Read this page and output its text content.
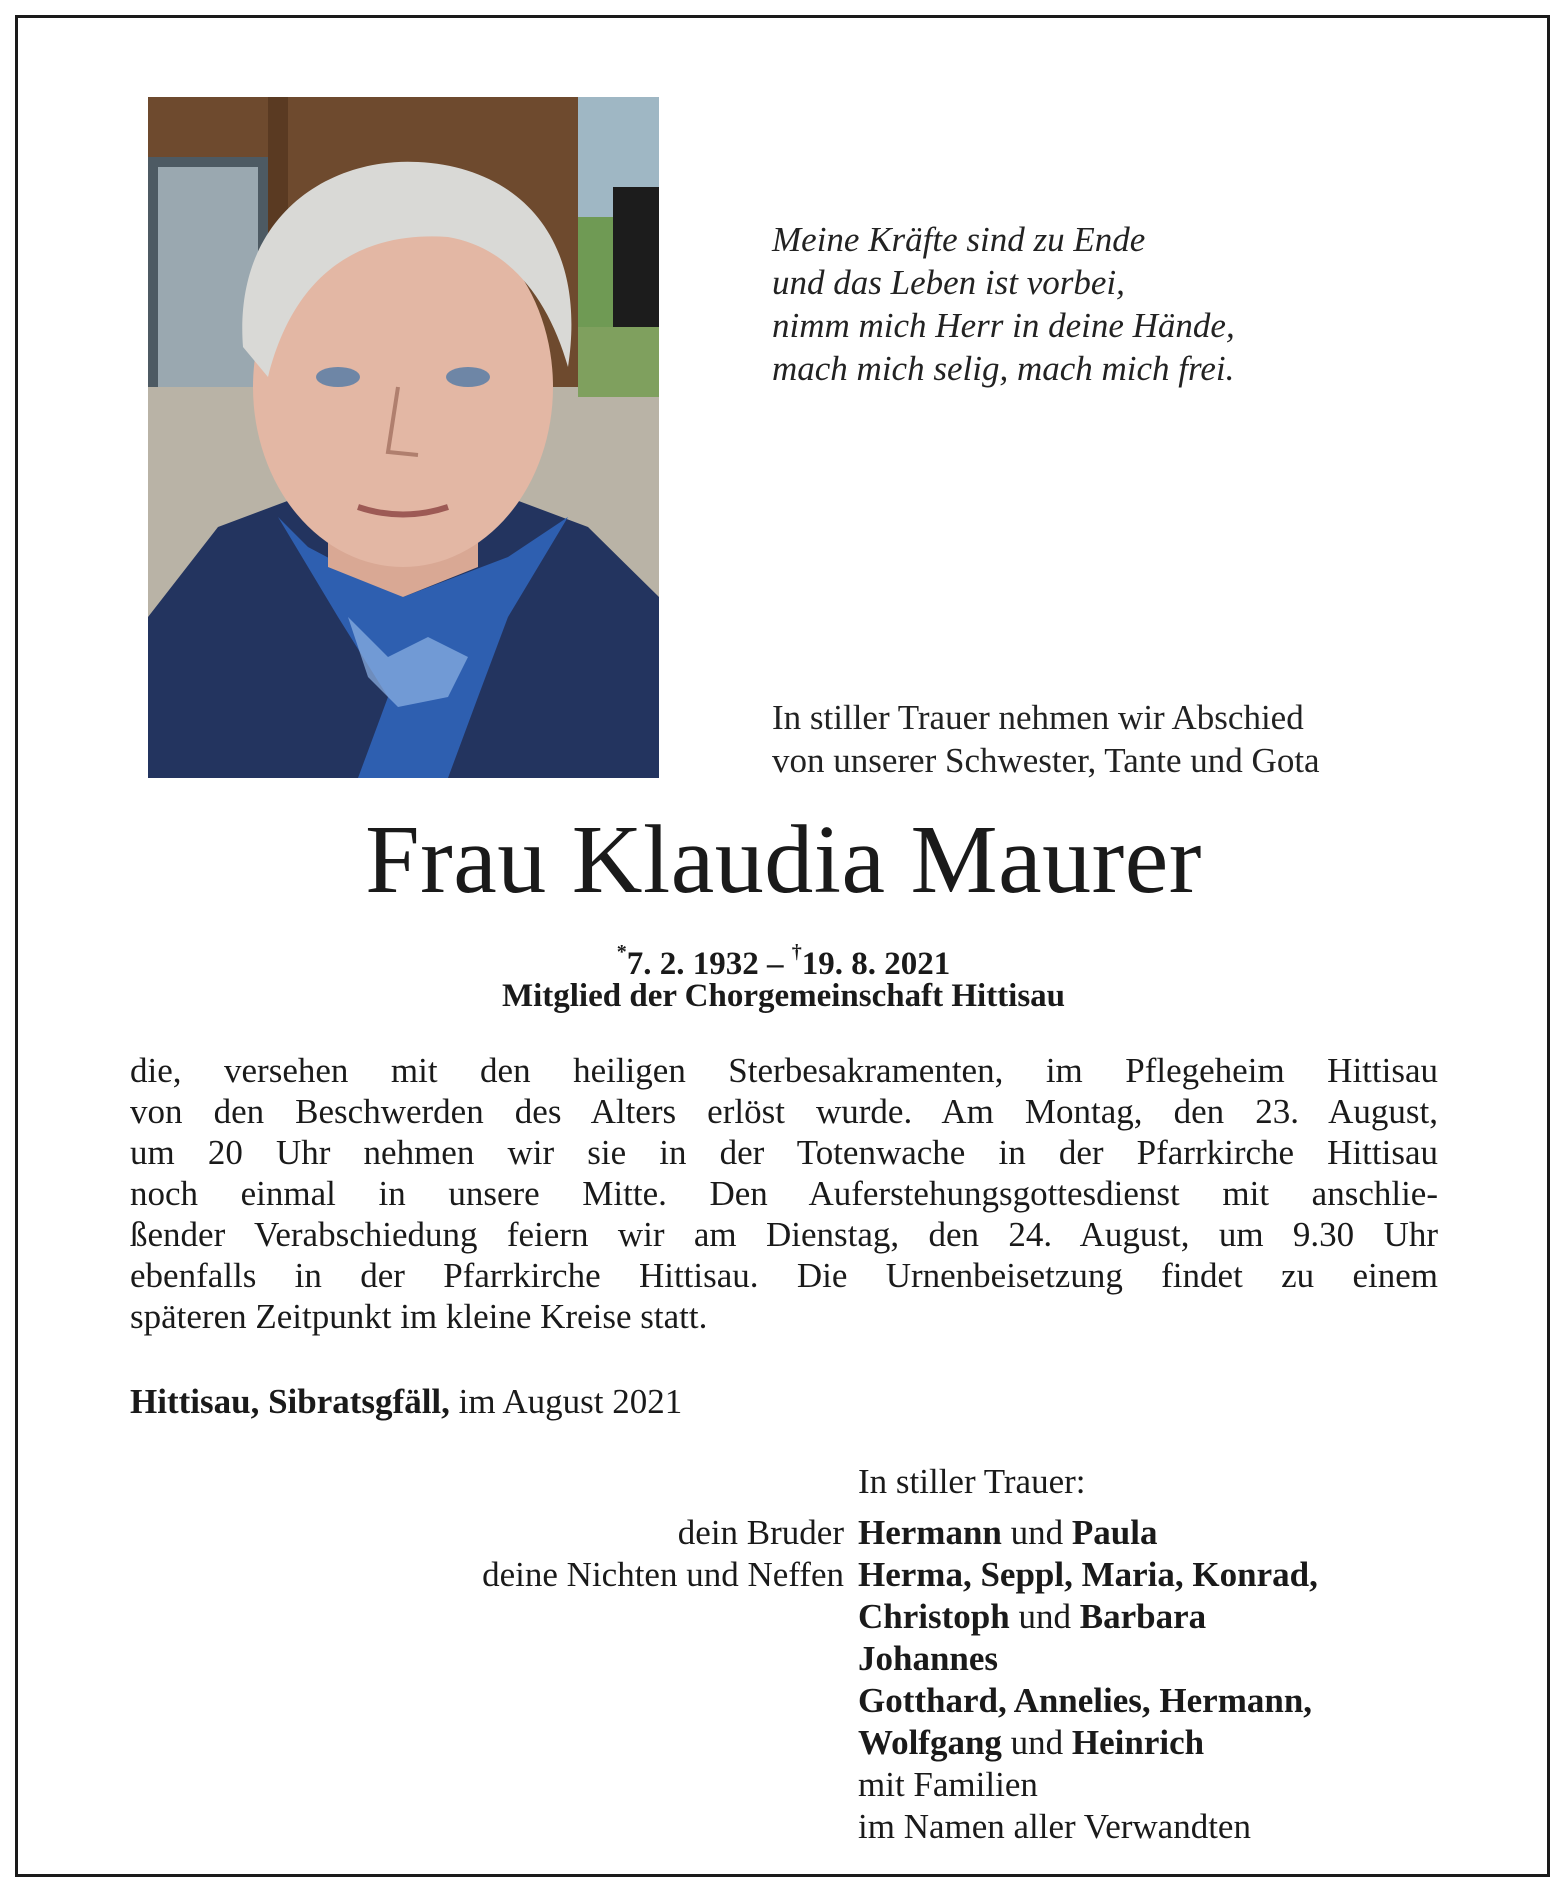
Meine Kräfte sind zu Ende
und das Leben ist vorbei,
nimm mich Herr in deine Hände,
mach mich selig, mach mich frei.
In stiller Trauer nehmen wir Abschied
von unserer Schwester, Tante und Gota
Frau Klaudia Maurer
*7. 2. 1932 – †19. 8. 2021
Mitglied der Chorgemeinschaft Hittisau
die, versehen mit den heiligen Sterbesakramenten, im Pflegeheim Hittisau
von den Beschwerden des Alters erlöst wurde. Am Montag, den 23. August,
um 20 Uhr nehmen wir sie in der Totenwache in der Pfarrkirche Hittisau
noch einmal in unsere Mitte. Den Auferstehungsgottesdienst mit anschlie-
ßender Verabschiedung feiern wir am Dienstag, den 24. August, um 9.30 Uhr
ebenfalls in der Pfarrkirche Hittisau. Die Urnenbeisetzung findet zu einem
späteren Zeitpunkt im kleine Kreise statt.
Hittisau, Sibratsgfäll, im August 2021
In stiller Trauer:
dein Bruder
deine Nichten und Neffen
Hermann und Paula
Herma, Seppl, Maria, Konrad,
Christoph und Barbara
Johannes
Gotthard, Annelies, Hermann,
Wolfgang und Heinrich
mit Familien
im Namen aller Verwandten
